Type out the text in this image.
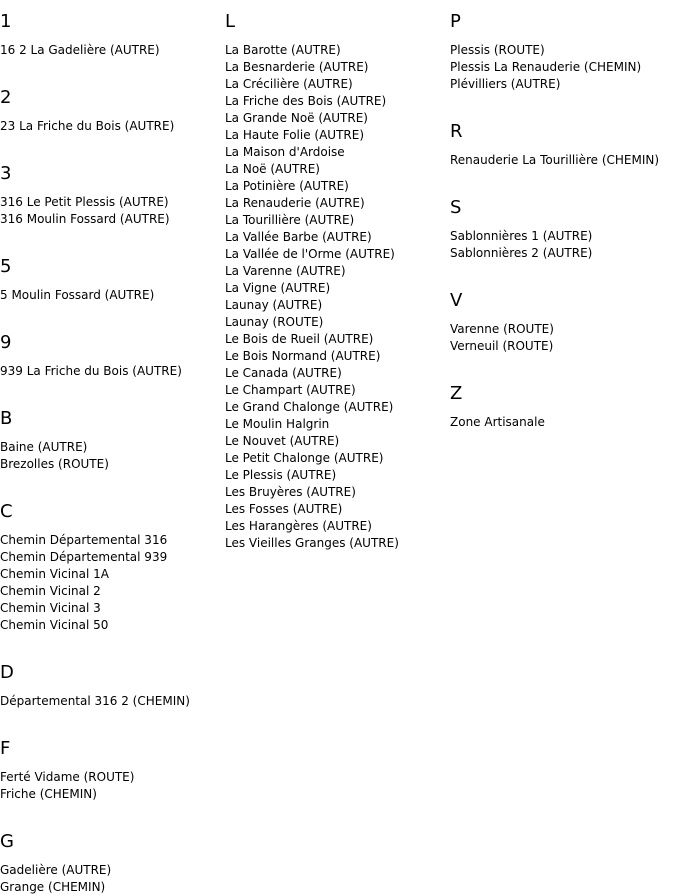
1
16 2 La Gadelière (AUTRE)
2
23 La Friche du Bois (AUTRE)
3
316 Le Petit Plessis (AUTRE)
316 Moulin Fossard (AUTRE)
5
5 Moulin Fossard (AUTRE)
9
939 La Friche du Bois (AUTRE)
B
Baine (AUTRE)
Brezolles (ROUTE)
C
Chemin Départemental 316
Chemin Départemental 939
Chemin Vicinal 1A
Chemin Vicinal 2
Chemin Vicinal 3
Chemin Vicinal 50
D
Départemental 316 2 (CHEMIN)
F
Ferté Vidame (ROUTE)
Friche (CHEMIN)
G
Gadelière (AUTRE)
Grange (CHEMIN)
L
La Barotte (AUTRE)
La Besnarderie (AUTRE)
La Crécilière (AUTRE)
La Friche des Bois (AUTRE)
La Grande Noë (AUTRE)
La Haute Folie (AUTRE)
La Maison d'Ardoise
La Noë (AUTRE)
La Potinière (AUTRE)
La Renauderie (AUTRE)
La Tourillière (AUTRE)
La Vallée Barbe (AUTRE)
La Vallée de l'Orme (AUTRE)
La Varenne (AUTRE)
La Vigne (AUTRE)
Launay (AUTRE)
Launay (ROUTE)
Le Bois de Rueil (AUTRE)
Le Bois Normand (AUTRE)
Le Canada (AUTRE)
Le Champart (AUTRE)
Le Grand Chalonge (AUTRE)
Le Moulin Halgrin
Le Nouvet (AUTRE)
Le Petit Chalonge (AUTRE)
Le Plessis (AUTRE)
Les Bruyères (AUTRE)
Les Fosses (AUTRE)
Les Harangères (AUTRE)
Les Vieilles Granges (AUTRE)
P
Plessis (ROUTE)
Plessis La Renauderie (CHEMIN)
Plévilliers (AUTRE)
R
Renauderie La Tourillière (CHEMIN)
S
Sablonnières 1 (AUTRE)
Sablonnières 2 (AUTRE)
V
Varenne (ROUTE)
Verneuil (ROUTE)
Z
Zone Artisanale
